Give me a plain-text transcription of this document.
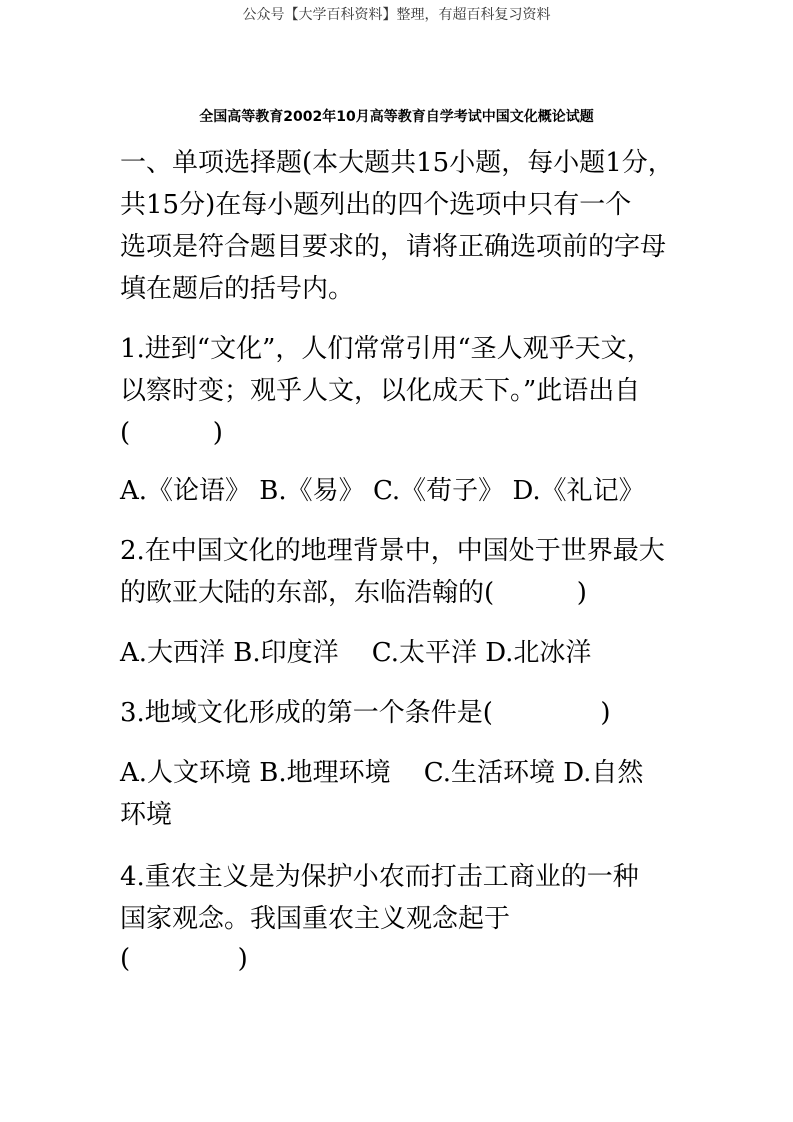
公众号【大学百科资料】整理，有超百科复习资料
全国高等教育2002年10月高等教育自学考试中国文化概论试题
一、单项选择题(本大题共15小题，每小题1分，
共15分)在每小题列出的四个选项中只有一个
选项是符合题目要求的，请将正确选项前的字母
填在题后的括号内。
1.进到“文化”，人们常常引用“圣人观乎天文，
以察时变；观乎人文，以化成天下。”此语出自
(          )
A.《论语》 B.《易》 C.《荀子》 D.《礼记》
2.在中国文化的地理背景中，中国处于世界最大
的欧亚大陆的东部，东临浩翰的(          )
A.大西洋 B.印度洋    C.太平洋 D.北冰洋
3.地域文化形成的第一个条件是(             )
A.人文环境 B.地理环境    C.生活环境 D.自然
环境
4.重农主义是为保护小农而打击工商业的一种
国家观念。我国重农主义观念起于
(             )
